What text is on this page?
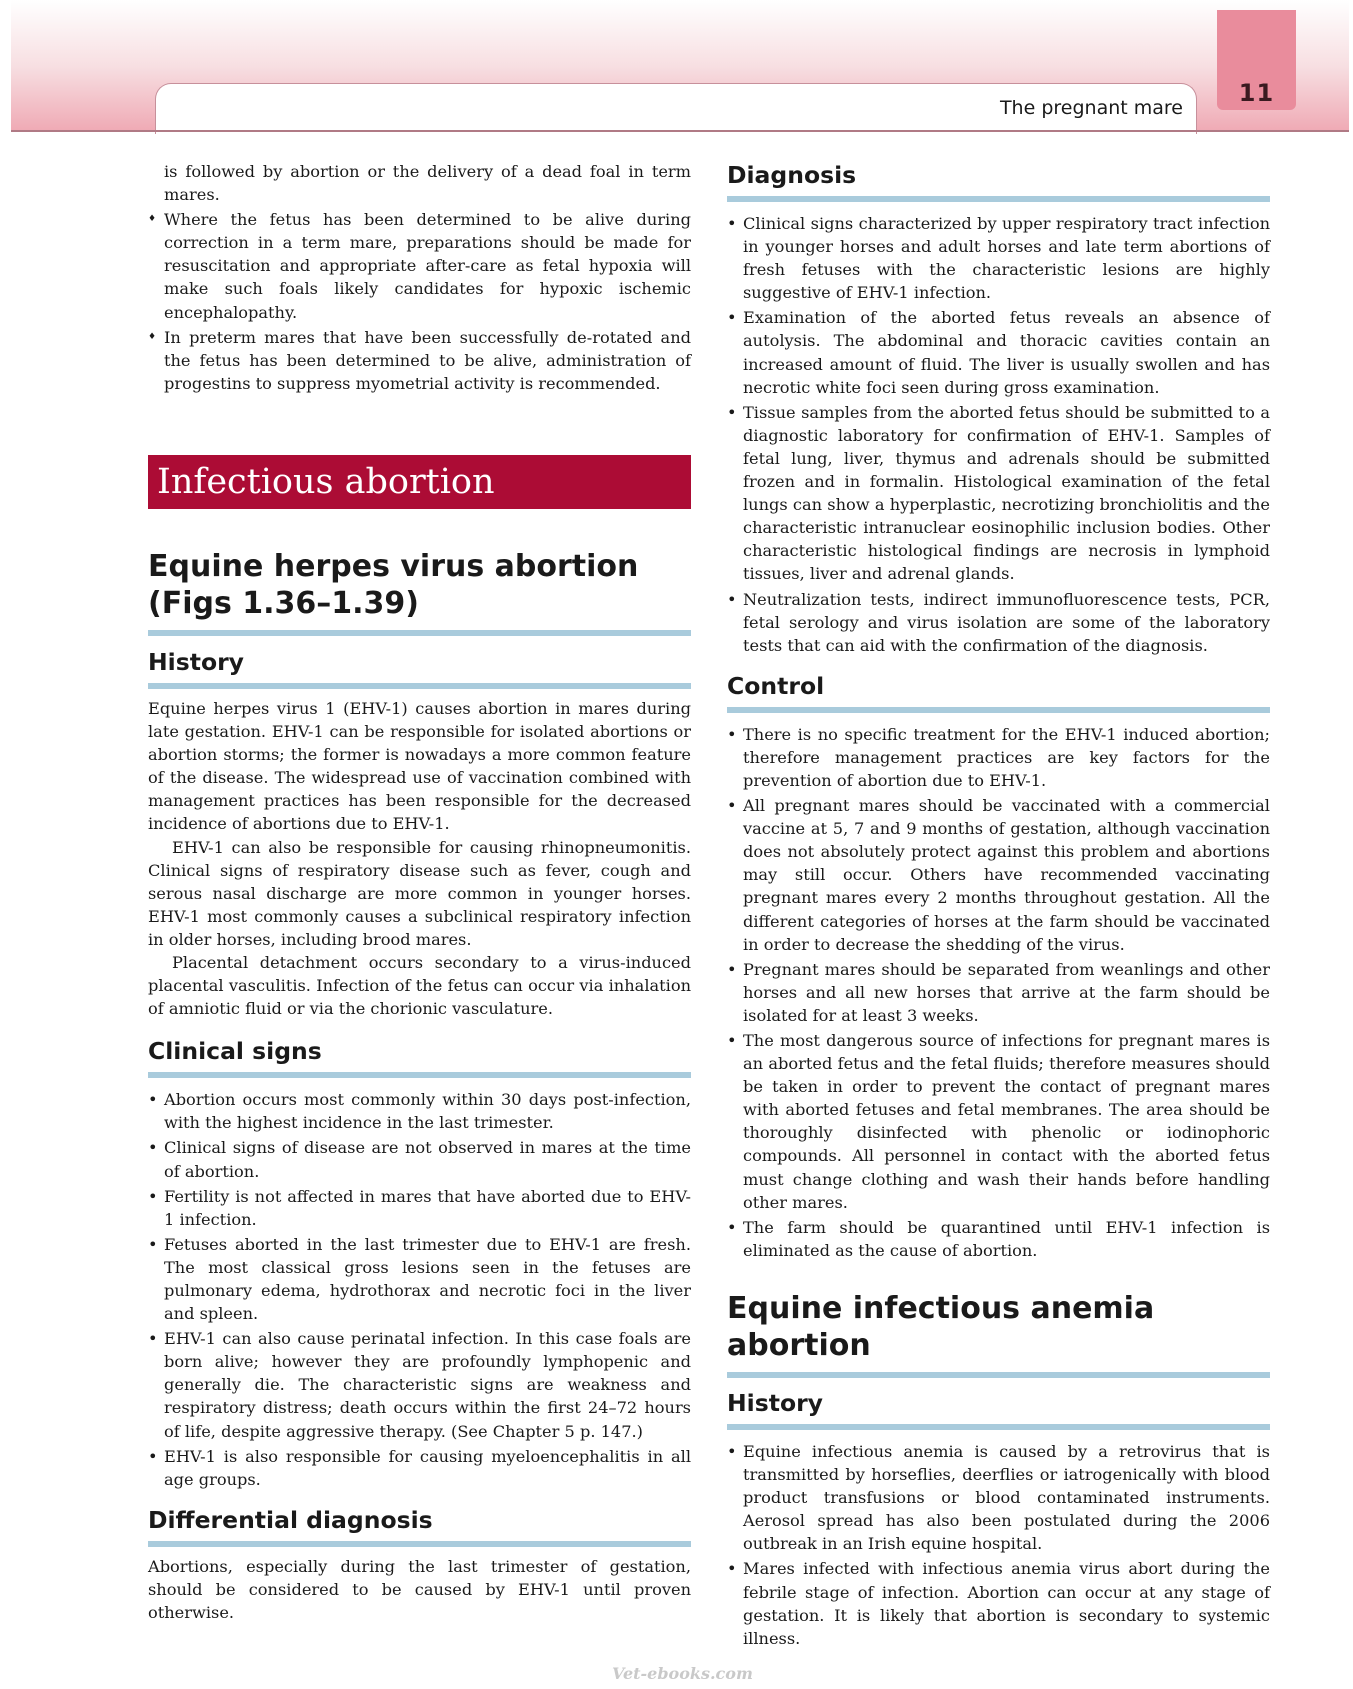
11
The pregnant mare

is followed by abortion or the delivery of a dead foal in term mares.

♦ Where the fetus has been determined to be alive during correction in a term mare, preparations should be made for resuscitation and appropriate after-care as fetal hypoxia will make such foals likely candidates for hypoxic ischemic encephalopathy.
♦ In preterm mares that have been successfully de-rotated and the fetus has been determined to be alive, administration of progestins to suppress myometrial activity is recommended.
Infectious abortion
Equine herpes virus abortion (Figs 1.36–1.39)
History

Equine herpes virus 1 (EHV-1) causes abortion in mares during late gestation. EHV-1 can be responsible for isolated abortions or abortion storms; the former is nowadays a more common feature of the disease. The widespread use of vaccination combined with management practices has been responsible for the decreased incidence of abortions due to EHV-1.

EHV-1 can also be responsible for causing rhinopneumonitis. Clinical signs of respiratory disease such as fever, cough and serous nasal discharge are more common in younger horses. EHV-1 most commonly causes a subclinical respiratory infection in older horses, including brood mares.

Placental detachment occurs secondary to a virus-induced placental vasculitis. Infection of the fetus can occur via inhalation of amniotic fluid or via the chorionic vasculature.

Clinical signs
• Abortion occurs most commonly within 30 days post-infection, with the highest incidence in the last trimester.
• Clinical signs of disease are not observed in mares at the time of abortion.
• Fertility is not affected in mares that have aborted due to EHV-1 infection.
• Fetuses aborted in the last trimester due to EHV-1 are fresh. The most classical gross lesions seen in the fetuses are pulmonary edema, hydrothorax and necrotic foci in the liver and spleen.
• EHV-1 can also cause perinatal infection. In this case foals are born alive; however they are profoundly lymphopenic and generally die. The characteristic signs are weakness and respiratory distress; death occurs within the first 24–72 hours of life, despite aggressive therapy. (See Chapter 5 p. 147.)
• EHV-1 is also responsible for causing myeloencephalitis in all age groups.
Differential diagnosis

Abortions, especially during the last trimester of gestation, should be considered to be caused by EHV-1 until proven otherwise.

Diagnosis
• Clinical signs characterized by upper respiratory tract infection in younger horses and adult horses and late term abortions of fresh fetuses with the characteristic lesions are highly suggestive of EHV-1 infection.
• Examination of the aborted fetus reveals an absence of autolysis. The abdominal and thoracic cavities contain an increased amount of fluid. The liver is usually swollen and has necrotic white foci seen during gross examination.
• Tissue samples from the aborted fetus should be submitted to a diagnostic laboratory for confirmation of EHV-1. Samples of fetal lung, liver, thymus and adrenals should be submitted frozen and in formalin. Histological examination of the fetal lungs can show a hyperplastic, necrotizing bronchiolitis and the characteristic intranuclear eosinophilic inclusion bodies. Other characteristic histological findings are necrosis in lymphoid tissues, liver and adrenal glands.
• Neutralization tests, indirect immunofluorescence tests, PCR, fetal serology and virus isolation are some of the laboratory tests that can aid with the confirmation of the diagnosis.
Control
• There is no specific treatment for the EHV-1 induced abortion; therefore management practices are key factors for the prevention of abortion due to EHV-1.
• All pregnant mares should be vaccinated with a commercial vaccine at 5, 7 and 9 months of gestation, although vaccination does not absolutely protect against this problem and abortions may still occur. Others have recommended vaccinating pregnant mares every 2 months throughout gestation. All the different categories of horses at the farm should be vaccinated in order to decrease the shedding of the virus.
• Pregnant mares should be separated from weanlings and other horses and all new horses that arrive at the farm should be isolated for at least 3 weeks.
• The most dangerous source of infections for pregnant mares is an aborted fetus and the fetal fluids; therefore measures should be taken in order to prevent the contact of pregnant mares with aborted fetuses and fetal membranes. The area should be thoroughly disinfected with phenolic or iodinophoric compounds. All personnel in contact with the aborted fetus must change clothing and wash their hands before handling other mares.
• The farm should be quarantined until EHV-1 infection is eliminated as the cause of abortion.
Equine infectious anemia abortion
History
• Equine infectious anemia is caused by a retrovirus that is transmitted by horseflies, deerflies or iatrogenically with blood product transfusions or blood contaminated instruments. Aerosol spread has also been postulated during the 2006 outbreak in an Irish equine hospital.
• Mares infected with infectious anemia virus abort during the febrile stage of infection. Abortion can occur at any stage of gestation. It is likely that abortion is secondary to systemic illness.
Vet-ebooks.com
